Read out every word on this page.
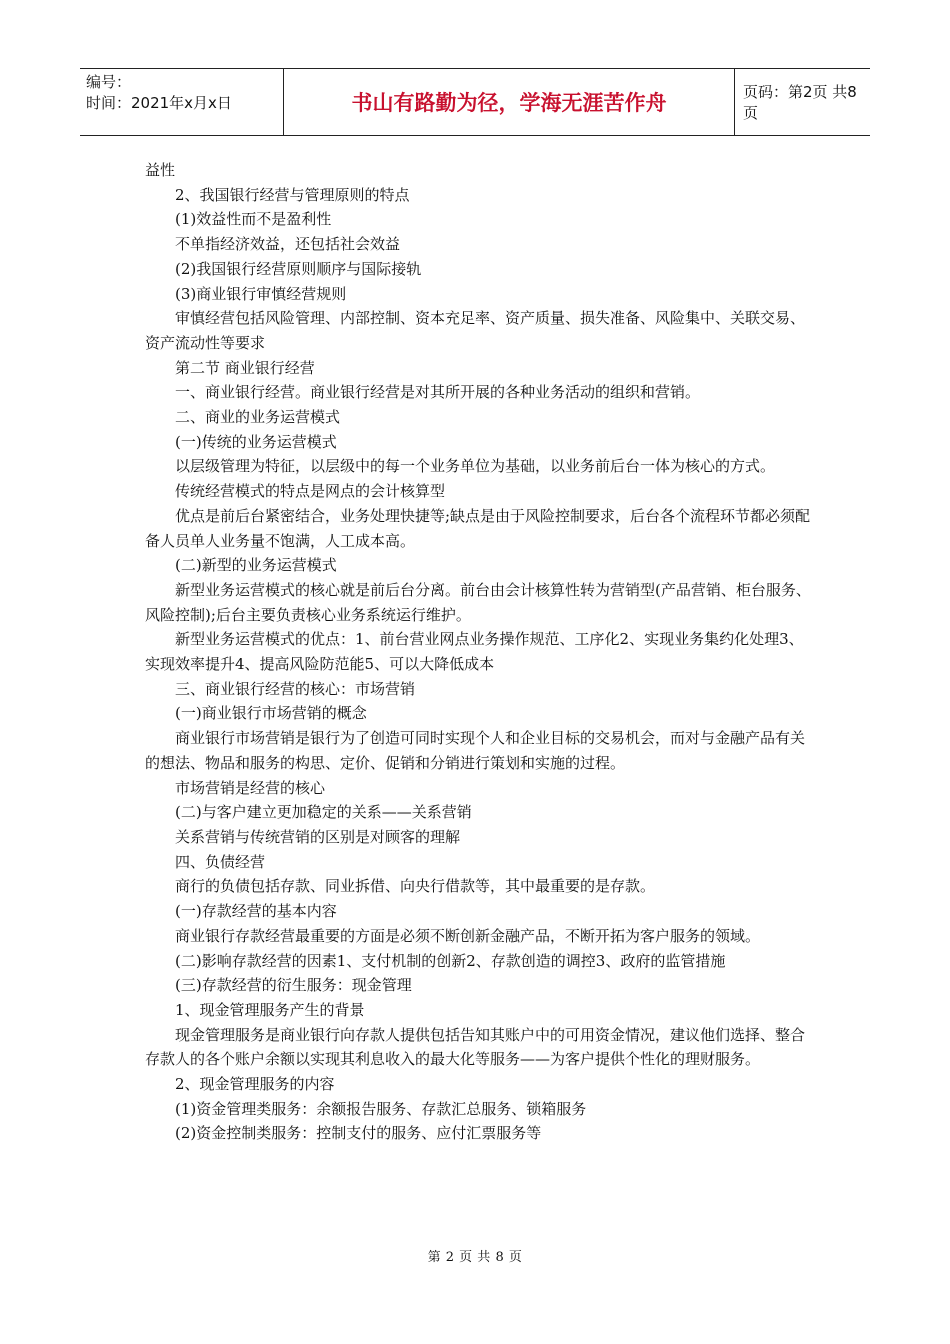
编号：
时间：2021年x月x日	书山有路勤为径，学海无涯苦作舟	页码：第2页 共8页

益性

2、我国银行经营与管理原则的特点

(1)效益性而不是盈利性

不单指经济效益，还包括社会效益

(2)我国银行经营原则顺序与国际接轨

(3)商业银行审慎经营规则

审慎经营包括风险管理、内部控制、资本充足率、资产质量、损失准备、风险集中、关联交易、资产流动性等要求

第二节 商业银行经营

一、商业银行经营。商业银行经营是对其所开展的各种业务活动的组织和营销。

二、商业的业务运营模式

(一)传统的业务运营模式

以层级管理为特征，以层级中的每一个业务单位为基础，以业务前后台一体为核心的方式。

传统经营模式的特点是网点的会计核算型

优点是前后台紧密结合，业务处理快捷等;缺点是由于风险控制要求，后台各个流程环节都必须配备人员单人业务量不饱满，人工成本高。

(二)新型的业务运营模式

新型业务运营模式的核心就是前后台分离。前台由会计核算性转为营销型(产品营销、柜台服务、风险控制);后台主要负责核心业务系统运行维护。

新型业务运营模式的优点：1、前台营业网点业务操作规范、工序化2、实现业务集约化处理3、实现效率提升4、提高风险防范能5、可以大降低成本

三、商业银行经营的核心：市场营销

(一)商业银行市场营销的概念

商业银行市场营销是银行为了创造可同时实现个人和企业目标的交易机会，而对与金融产品有关的想法、物品和服务的构思、定价、促销和分销进行策划和实施的过程。

市场营销是经营的核心

(二)与客户建立更加稳定的关系——关系营销

关系营销与传统营销的区别是对顾客的理解

四、负债经营

商行的负债包括存款、同业拆借、向央行借款等，其中最重要的是存款。

(一)存款经营的基本内容

商业银行存款经营最重要的方面是必须不断创新金融产品，不断开拓为客户服务的领域。

(二)影响存款经营的因素1、支付机制的创新2、存款创造的调控3、政府的监管措施

(三)存款经营的衍生服务：现金管理

1、现金管理服务产生的背景

现金管理服务是商业银行向存款人提供包括告知其账户中的可用资金情况，建议他们选择、整合存款人的各个账户余额以实现其利息收入的最大化等服务——为客户提供个性化的理财服务。

2、现金管理服务的内容

(1)资金管理类服务：余额报告服务、存款汇总服务、锁箱服务

(2)资金控制类服务：控制支付的服务、应付汇票服务等

第 2 页 共 8 页
